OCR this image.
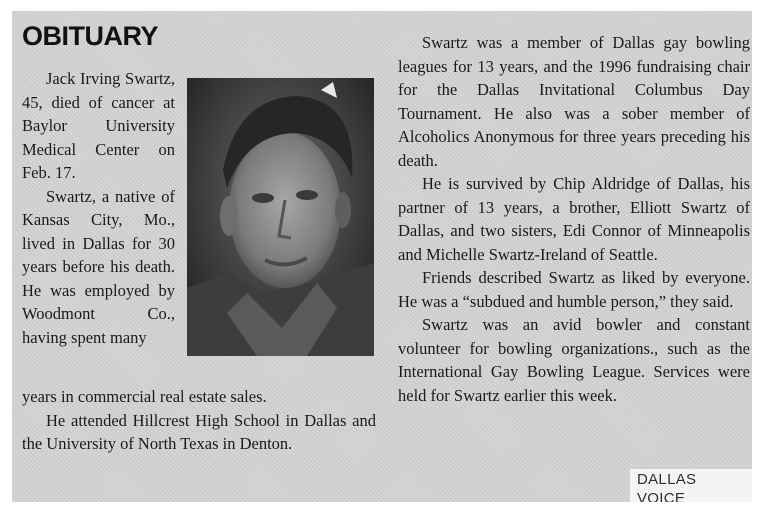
OBITUARY

Jack Irving Swartz, 45, died of cancer at Baylor University Medical Center on Feb. 17.

Swartz, a native of Kansas City, Mo., lived in Dallas for 30 years before his death. He was employed by Woodmont Co., having spent many

years in commercial real estate sales.

He attended Hillcrest High School in Dallas and the University of North Texas in Denton.

Swartz was a member of Dallas gay bowling leagues for 13 years, and the 1996 fundraising chair for the Dallas Invitational Columbus Day Tournament. He also was a sober member of Alcoholics Anonymous for three years preceding his death.

He is survived by Chip Aldridge of Dallas, his partner of 13 years, a brother, Elliott Swartz of Dallas, and two sisters, Edi Connor of Minneapolis and Michelle Swartz-Ireland of Seattle.

Friends described Swartz as liked by everyone. He was a “subdued and humble person,” they said.

Swartz was an avid bowler and constant volunteer for bowling organizations., such as the International Gay Bowling League. Services were held for Swartz earlier this week.

DALLAS VOICE
